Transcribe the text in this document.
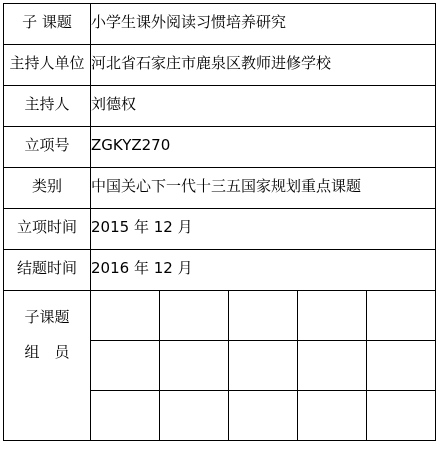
子 课题	小学生课外阅读习惯培养研究				
主持人单位	河北省石家庄市鹿泉区教师进修学校				
主持人	刘德权				
立项号	ZGKYZ270				
类别	中国关心下一代十三五国家规划重点课题				
立项时间	2015 年 12 月				
结题时间	2016 年 12 月				

子课题
组　员					
